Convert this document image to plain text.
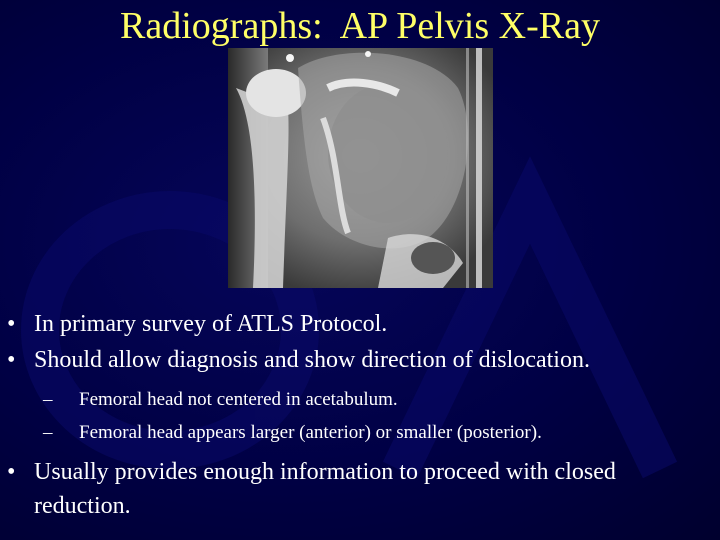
Radiographs:  AP Pelvis X-Ray
• In primary survey of ATLS Protocol.
• Should allow diagnosis and show direction of dislocation.
– Femoral head not centered in acetabulum.
– Femoral head appears larger (anterior) or smaller (posterior).
• Usually provides enough information to proceed with closed
reduction.
